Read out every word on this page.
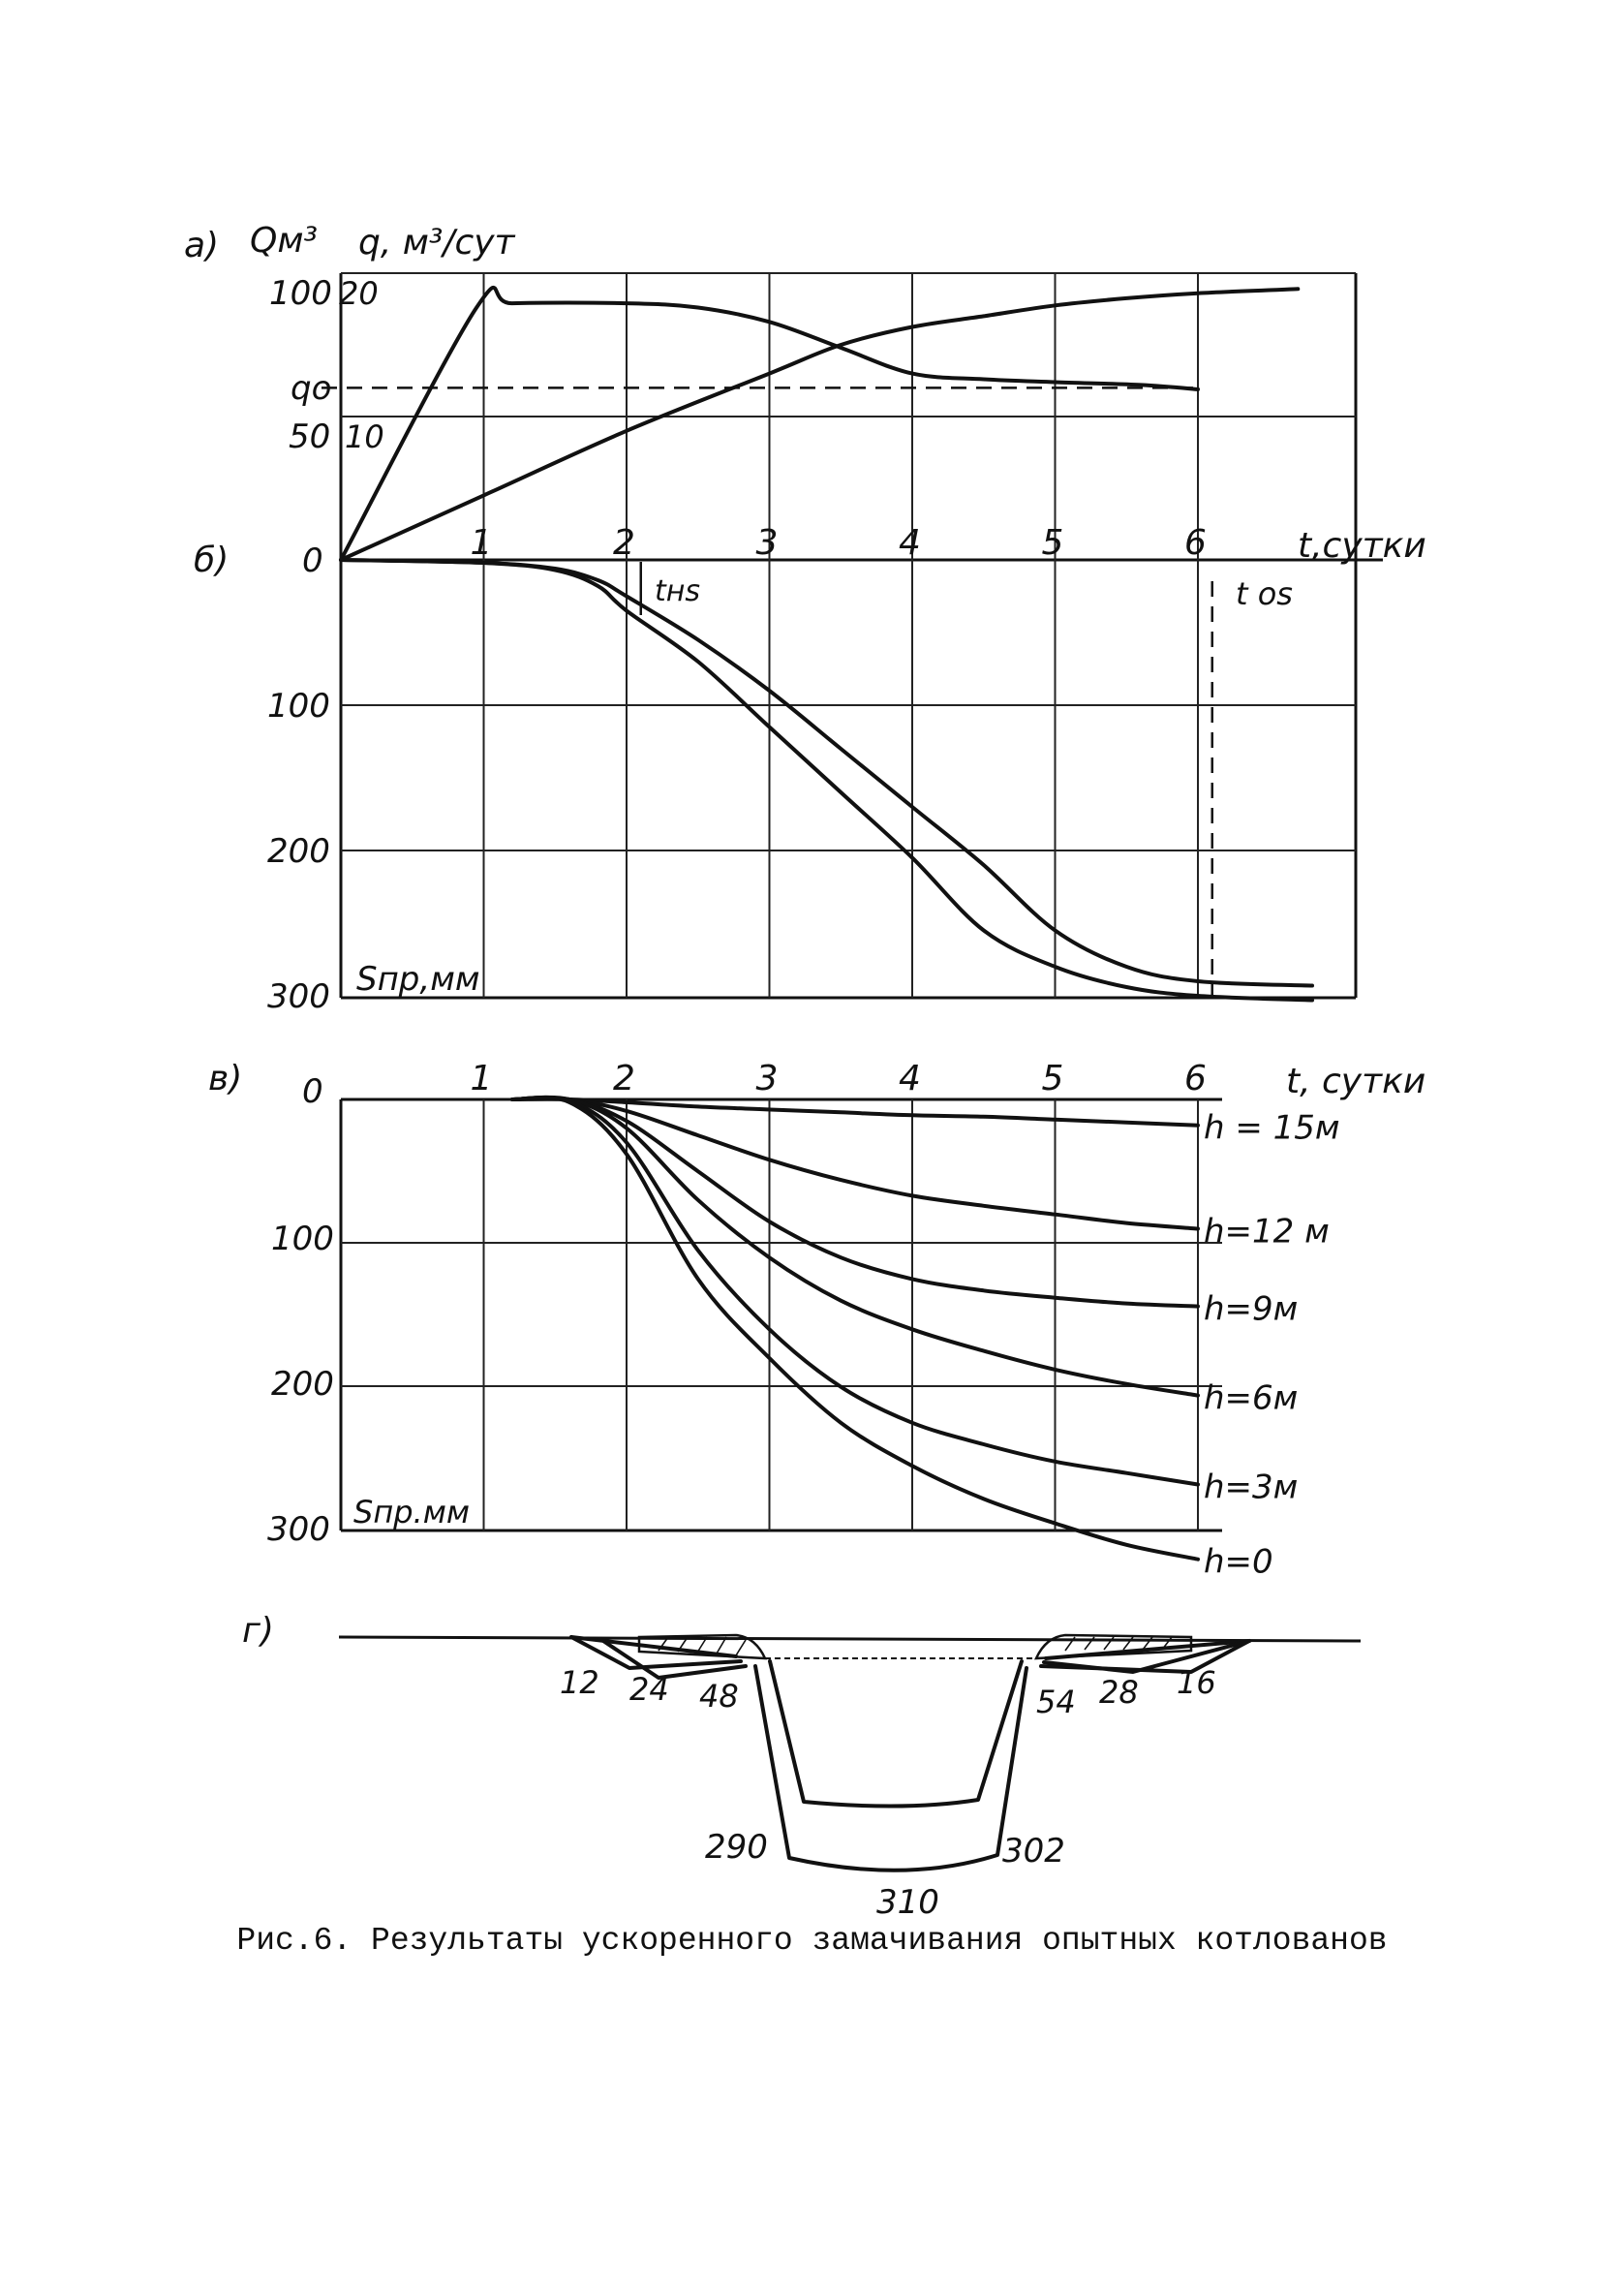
а) Qм³ q, м³/сут
100 20
qо
50 10
б) 0
100
200
300 Sпр,мм
t,сутки
1	2	3	4	5	6
tнs	t os
в) 0
100
200
300 Sпр.мм
t, сутки
1	2	3	4	5	6
h = 15м
h=12 м
h=9м
h=6м
h=3м
h=0
г)
12 24 48	54 28 16
290	302
310
Рис.6. Результаты ускоренного замачивания опытных котлованов
